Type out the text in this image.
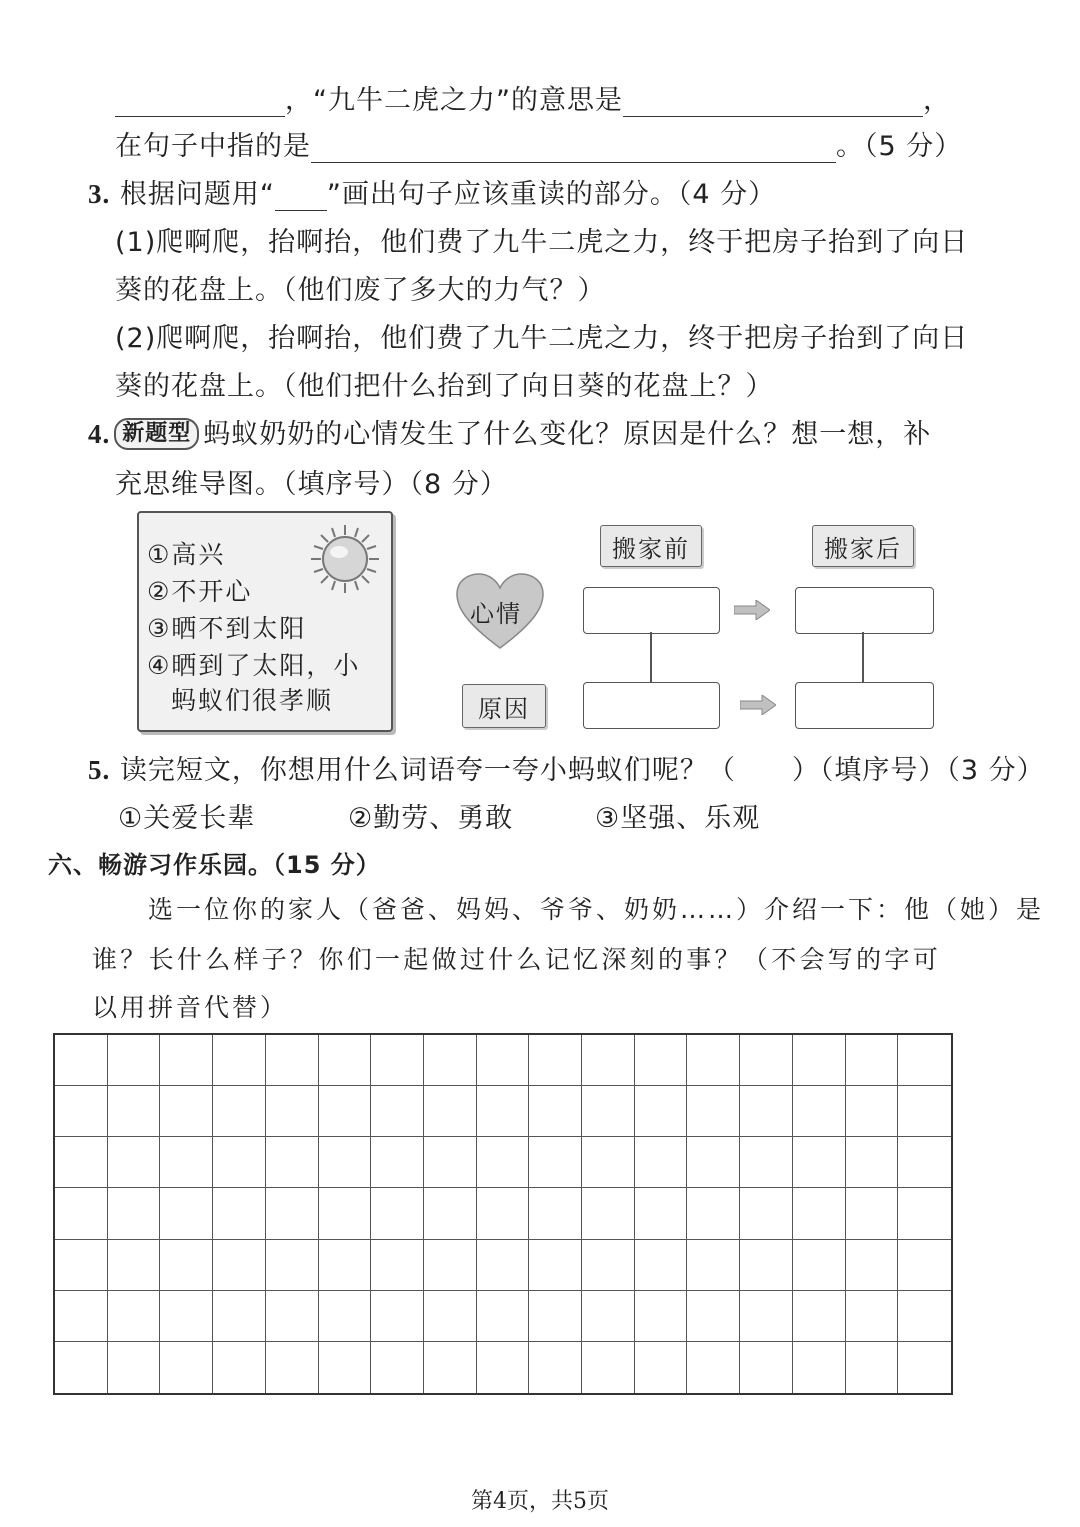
，“九牛二虎之力”的意思是	，
在句子中指的是	。（5 分）
3. 根据问题用“ ”画出句子应该重读的部分。（4 分）
(1)爬啊爬，抬啊抬，他们费了九牛二虎之力，终于把房子抬到了向日
葵的花盘上。（他们废了多大的力气？）
(2)爬啊爬，抬啊抬，他们费了九牛二虎之力，终于把房子抬到了向日
葵的花盘上。（他们把什么抬到了向日葵的花盘上？）
4. 新题型 蚂蚁奶奶的心情发生了什么变化？原因是什么？想一想，补
充思维导图。（填序号）（8 分）
①高兴
②不开心
③晒不到太阳
④晒到了太阳，小
蚂蚁们很孝顺
搬家前	搬家后
心情
原因
5. 读完短文，你想用什么词语夸一夸小蚂蚁们呢？（　　）（填序号）（3 分）
①关爱长辈	②勤劳、勇敢	③坚强、乐观
六、畅游习作乐园。（15 分）
选一位你的家人（爸爸、妈妈、爷爷、奶奶……）介绍一下：他（她）是
谁？长什么样子？你们一起做过什么记忆深刻的事？（不会写的字可
以用拼音代替）
第4页，共5页
